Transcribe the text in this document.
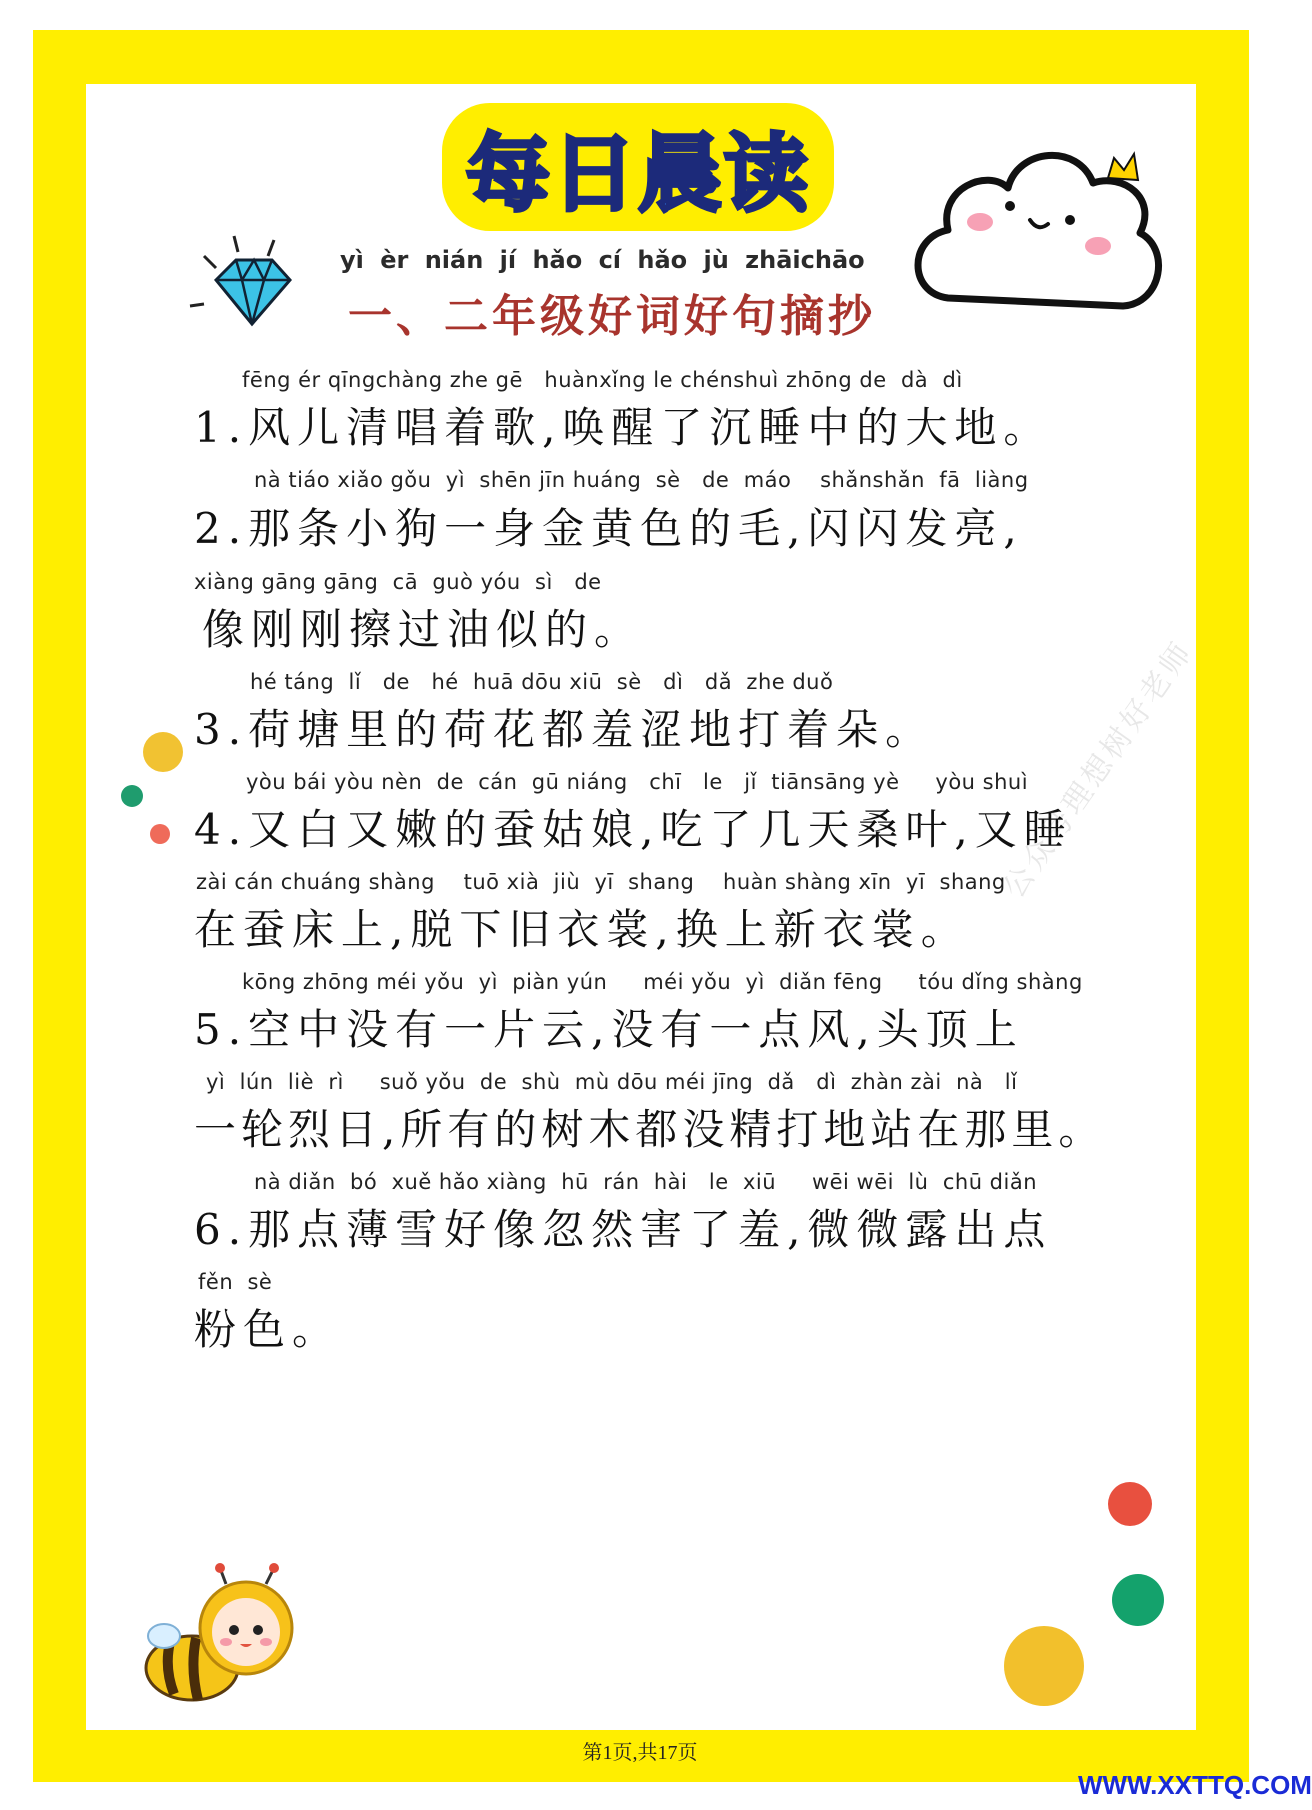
每日晨读
yì èr nián jí hǎo cí hǎo jù zhāichāo
一、二年级好词好句摘抄
fēng ér qīngchàng zhe gē   huànxǐng le chénshuì zhōng de  dà  dì
1.风儿清唱着歌,唤醒了沉睡中的大地。
nà tiáo xiǎo gǒu  yì  shēn jīn huáng  sè   de  máo    shǎnshǎn  fā  liàng
2.那条小狗一身金黄色的毛,闪闪发亮,
xiàng gāng gāng  cā  guò yóu  sì   de
像刚刚擦过油似的。
hé táng  lǐ   de   hé  huā dōu xiū  sè   dì   dǎ  zhe duǒ
3.荷塘里的荷花都羞涩地打着朵。
yòu bái yòu nèn  de  cán  gū niáng   chī   le   jǐ  tiānsāng yè     yòu shuì
4.又白又嫩的蚕姑娘,吃了几天桑叶,又睡
zài cán chuáng shàng    tuō xià  jiù  yī  shang    huàn shàng xīn  yī  shang
在蚕床上,脱下旧衣裳,换上新衣裳。
kōng zhōng méi yǒu  yì  piàn yún     méi yǒu  yì  diǎn fēng     tóu dǐng shàng
5.空中没有一片云,没有一点风,头顶上
yì  lún  liè  rì     suǒ yǒu  de  shù  mù dōu méi jīng  dǎ   dì  zhàn zài  nà   lǐ
一轮烈日,所有的树木都没精打地站在那里。
nà diǎn  bó  xuě hǎo xiàng  hū  rán  hài   le  xiū     wēi wēi  lù  chū diǎn
6.那点薄雪好像忽然害了羞,微微露出点
fěn  sè
粉色。
公众号理想树好老师
第1页,共17页
WWW.XXTTQ.COM
